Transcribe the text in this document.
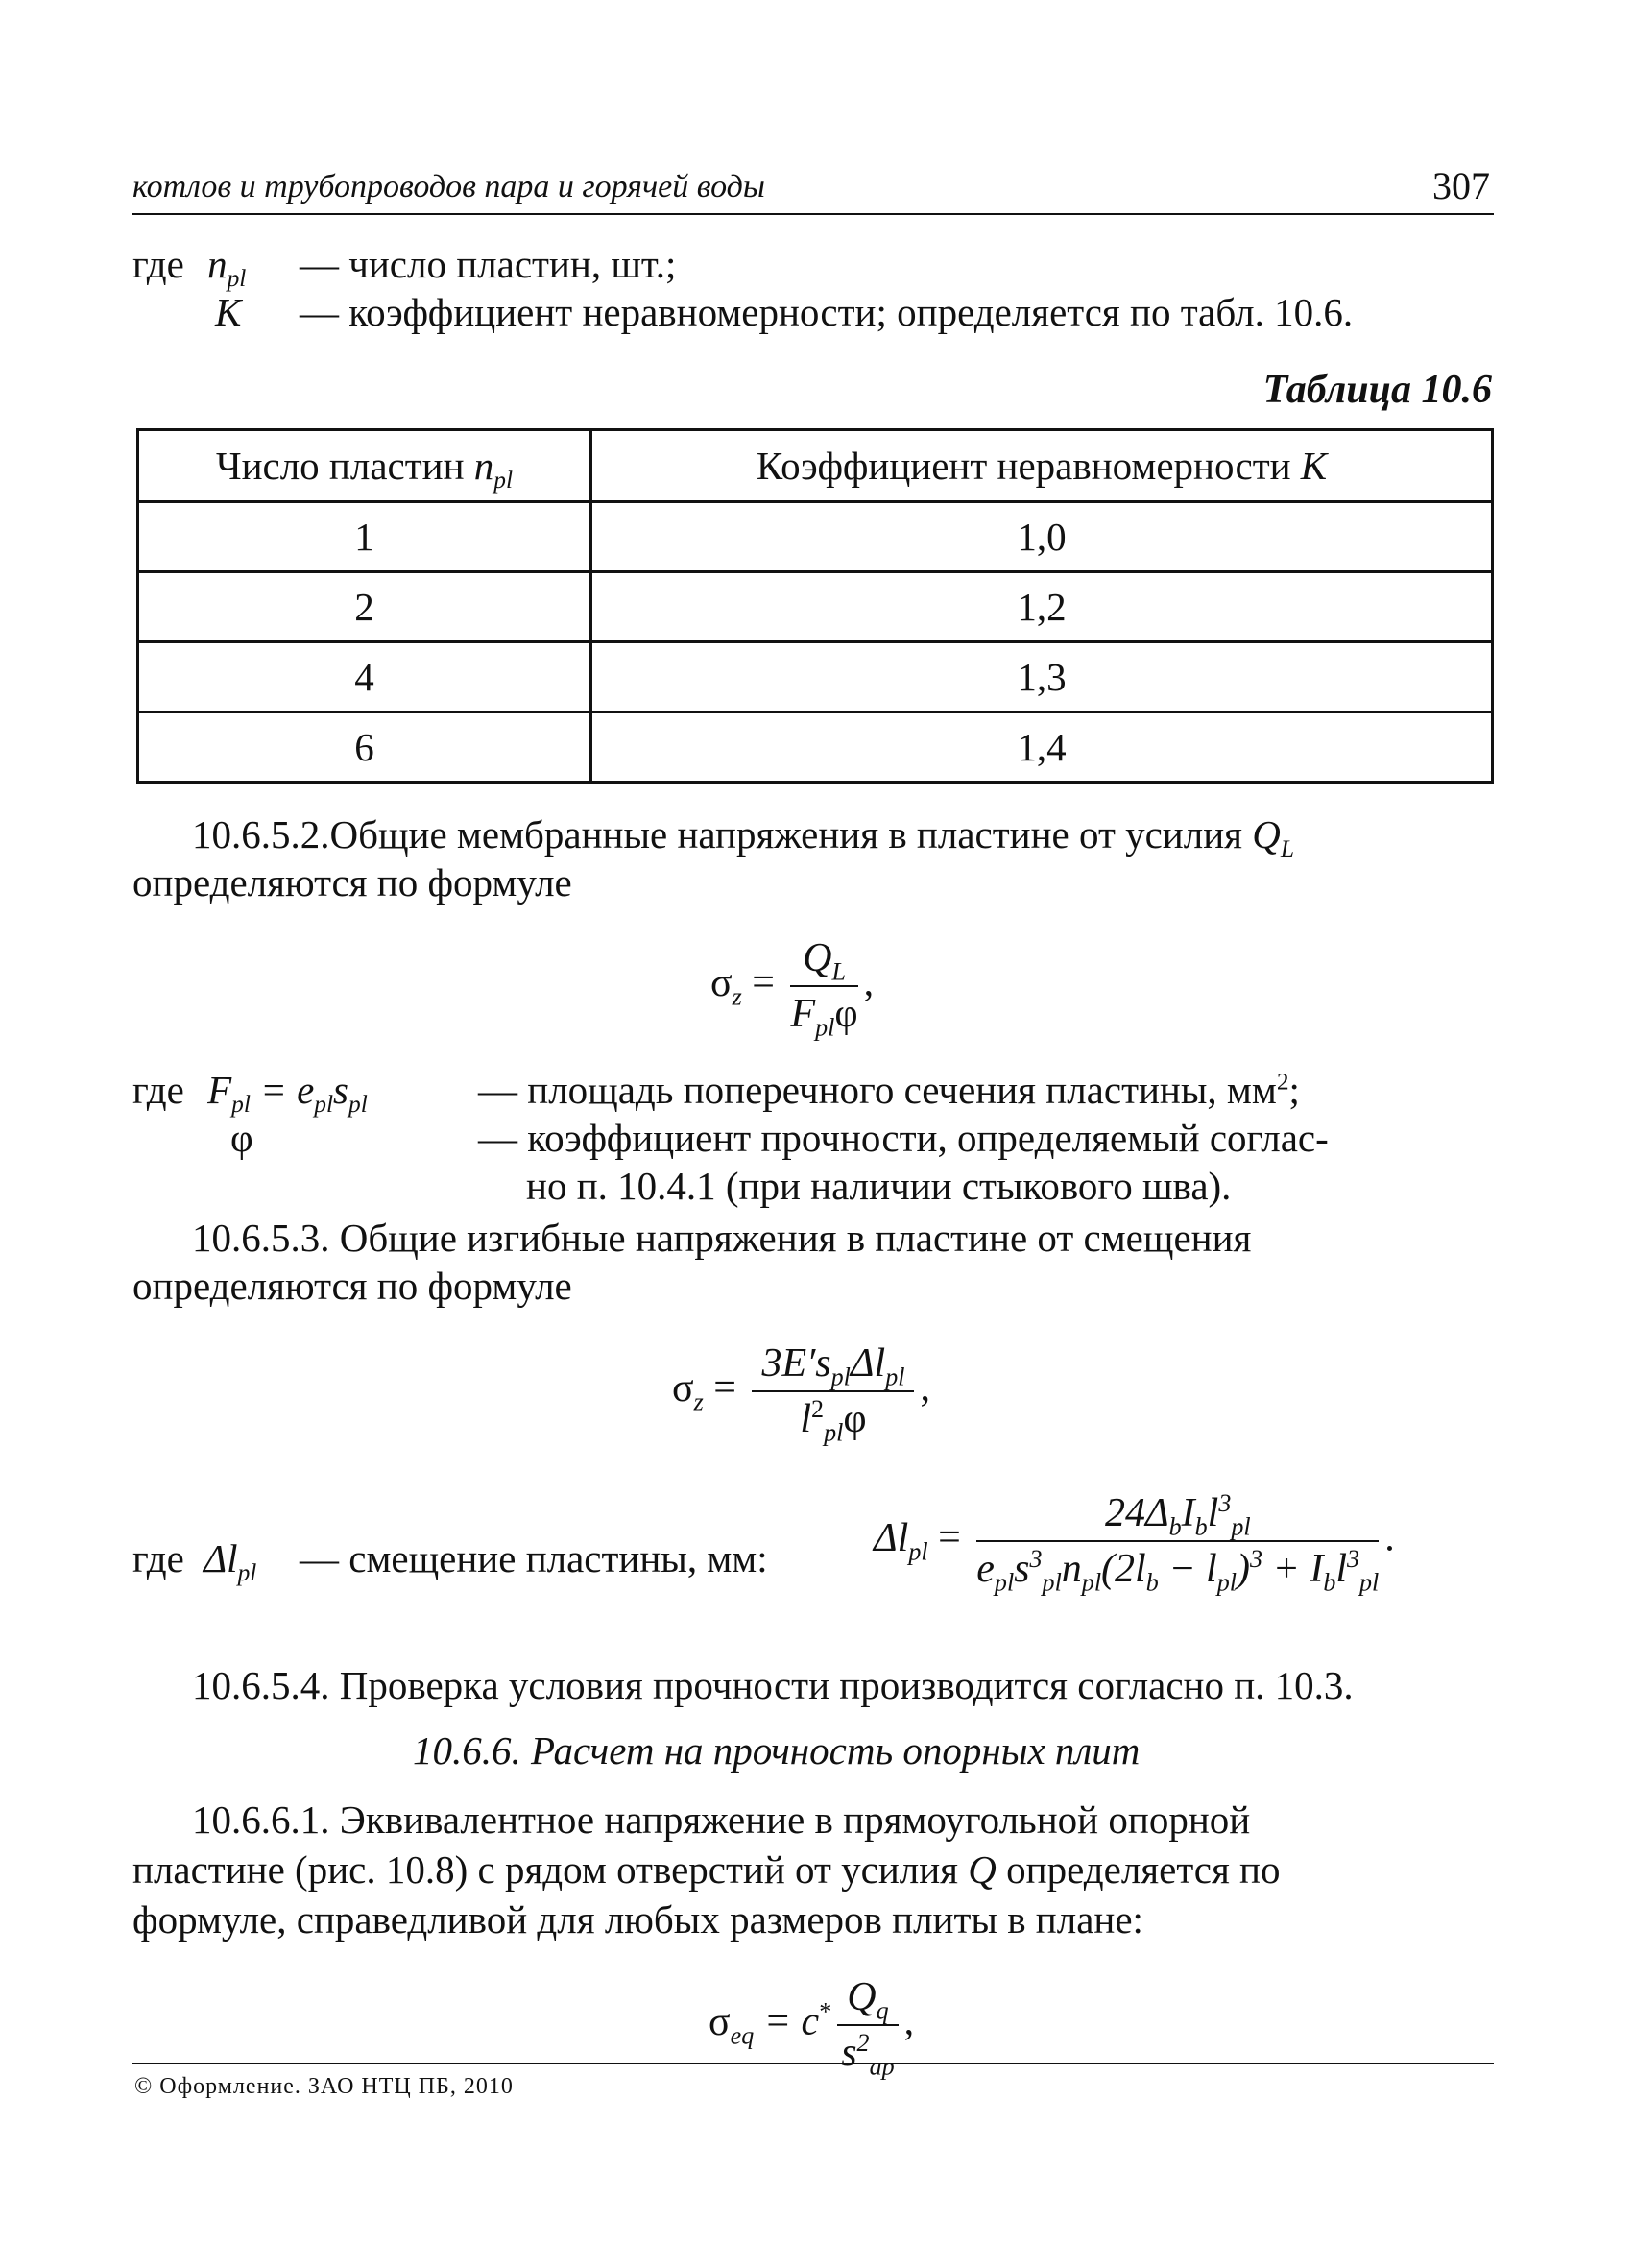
котлов и трубопроводов пара и горячей воды	307
где $n_{pl}$ — число пластин, шт.;
K — коэффициент неравномерности; определяется по табл. 10.6.
Таблица 10.6
Число пластин $n_{pl}$	Коэффициент неравномерности K
1	1,0
2	1,2
4	1,3
6	1,4
10.6.5.2.Общие мембранные напряжения в пластине от усилия $Q_L$
определяются по формуле
$\sigma_z = \frac{Q_L}{F_{pl}\varphi}$ ,
где $F_{pl} = e_{pl}s_{pl}$	— площадь поперечного сечения пластины, $мм^2$;
φ	— коэффициент прочности, определяемый соглас-
но п. 10.4.1 (при наличии стыкового шва).
10.6.5.3. Общие изгибные напряжения в пластине от смещения
определяются по формуле
$\sigma_z = \frac{3E's_{pl}\Delta l_{pl}}{l^2_{pl}\varphi}$ ,
где $\Delta l_{pl}$ — смещение пластины, мм:	$\Delta l_{pl} = \frac{24\Delta_bI_bl^3_{pl}}{e_{pl}s^3_{pl}n_{pl}(2l_b - l_{pl})^3 + I_bl^3_{pl}}$ .
10.6.5.4. Проверка условия прочности производится согласно п. 10.3.
10.6.6. Расчет на прочность опорных плит
10.6.6.1. Эквивалентное напряжение в прямоугольной опорной
пластине (рис. 10.8) с рядом отверстий от усилия Q определяется по
формуле, справедливой для любых размеров плиты в плане:
$\sigma_{eq} = c^* \frac{Q_q}{s^2_{ap}}$ ,
© Оформление. ЗАО НТЦ ПБ, 2010
